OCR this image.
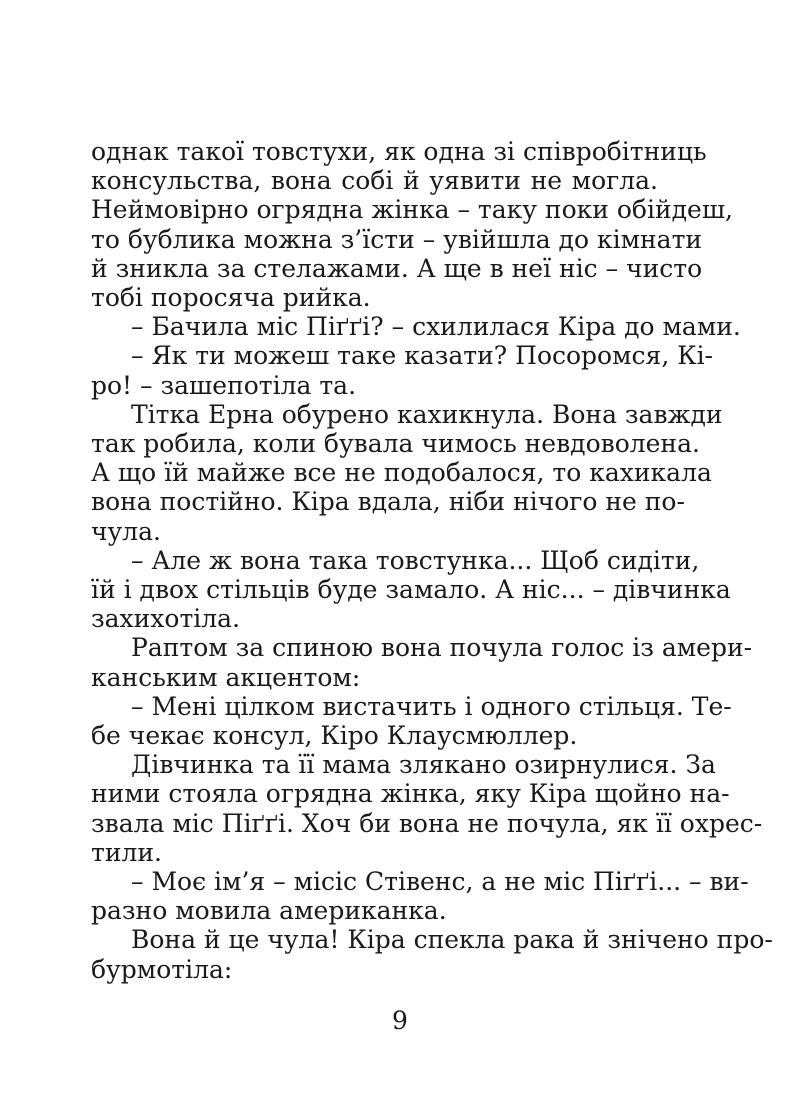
однак такої товстухи, як одна зі співробітниць
консульства, вона собі й уявити не могла.
Неймовірно огрядна жінка – таку поки обійдеш,
то бублика можна з’їсти – увійшла до кімнати
й зникла за стелажами. А ще в неї ніс – чисто
тобі поросяча рийка.
– Бачила міс Піґґі? – схилилася Кіра до мами.
– Як ти можеш таке казати? Посоромся, Кі-
ро! – зашепотіла та.
Тітка Ерна обурено кахикнула. Вона завжди
так робила, коли бувала чимось невдоволена.
А що їй майже все не подобалося, то кахикала
вона постійно. Кіра вдала, ніби нічого не по-
чула.
– Але ж вона така товстунка... Щоб сидіти,
їй і двох стільців буде замало. А ніс... – дівчинка
захихотіла.
Раптом за спиною вона почула голос із амери-
канським акцентом:
– Мені цілком вистачить і одного стільця. Те-
бе чекає консул, Кіро Клаусмюллер.
Дівчинка та її мама злякано озирнулися. За
ними стояла огрядна жінка, яку Кіра щойно на-
звала міс Піґґі. Хоч би вона не почула, як її охрес-
тили.
– Моє ім’я – місіс Стівенс, а не міс Піґґі... – ви-
разно мовила американка.
Вона й це чула! Кіра спекла рака й знічено про-
бурмотіла:
9
